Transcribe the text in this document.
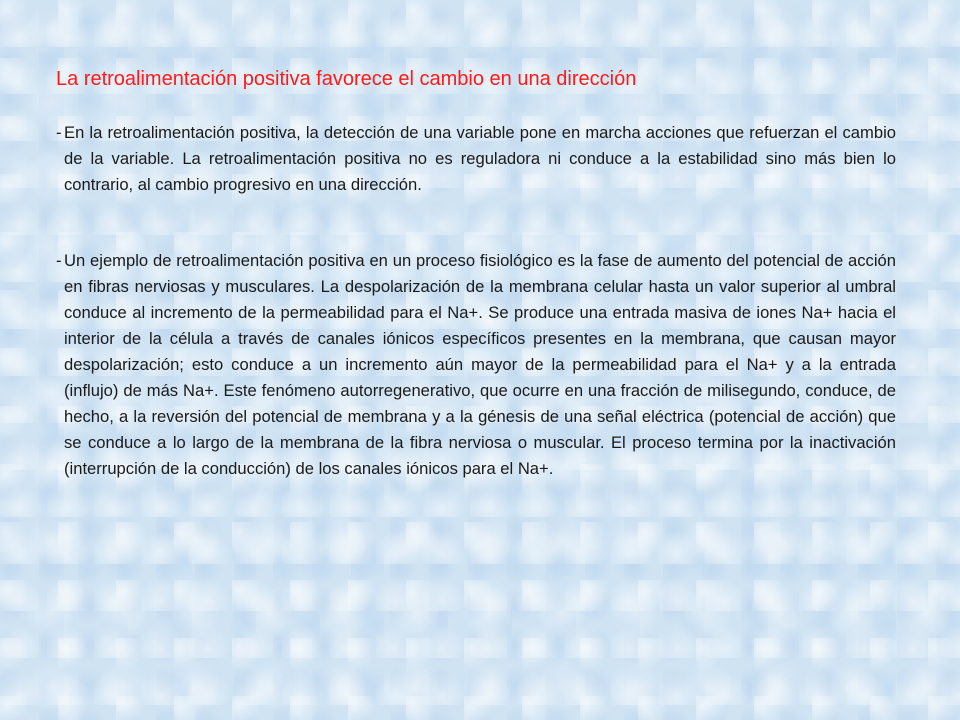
La retroalimentación positiva favorece el cambio en una dirección

- En la retroalimentación positiva, la detección de una variable pone en marcha acciones que refuerzan el cambio de la variable. La retroalimentación positiva no es reguladora ni conduce a la estabilidad sino más bien lo contrario, al cambio progresivo en una dirección.

- Un ejemplo de retroalimentación positiva en un proceso fisiológico es la fase de aumento del potencial de acción en fibras nerviosas y musculares. La despolarización de la membrana celular hasta un valor superior al umbral conduce al incremento de la permeabilidad para el Na+. Se produce una entrada masiva de iones Na+ hacia el interior de la célula a través de canales iónicos específicos presentes en la membrana, que causan mayor despolarización; esto conduce a un incremento aún mayor de la permeabilidad para el Na+ y a la entrada (influjo) de más Na+. Este fenómeno autorregenerativo, que ocurre en una fracción de milisegundo, conduce, de hecho, a la reversión del potencial de membrana y a la génesis de una señal eléctrica (potencial de acción) que se conduce a lo largo de la membrana de la fibra nerviosa o muscular. El proceso termina por la inactivación (interrupción de la conducción) de los canales iónicos para el Na+.
